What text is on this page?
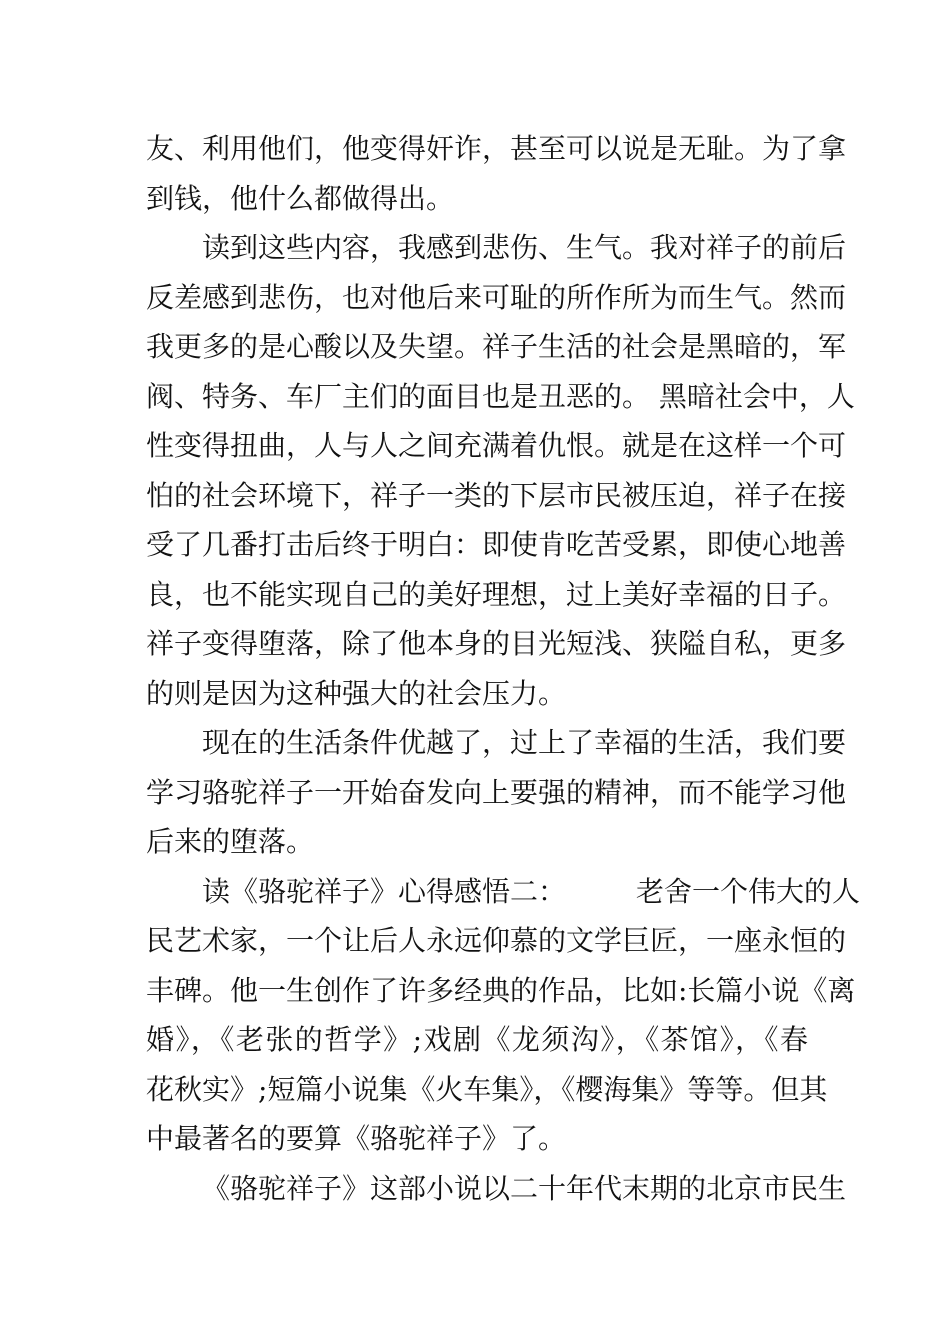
友、利用他们，他变得奸诈，甚至可以说是无耻。为了拿
到钱，他什么都做得出。
读到这些内容，我感到悲伤、生气。我对祥子的前后
反差感到悲伤，也对他后来可耻的所作所为而生气。然而
我更多的是心酸以及失望。祥子生活的社会是黑暗的，军
阀、特务、车厂主们的面目也是丑恶的。 黑暗社会中，人
性变得扭曲，人与人之间充满着仇恨。就是在这样一个可
怕的社会环境下，祥子一类的下层市民被压迫，祥子在接
受了几番打击后终于明白：即使肯吃苦受累，即使心地善
良，也不能实现自己的美好理想，过上美好幸福的日子。
祥子变得堕落，除了他本身的目光短浅、狭隘自私，更多
的则是因为这种强大的社会压力。
现在的生活条件优越了，过上了幸福的生活，我们要
学习骆驼祥子一开始奋发向上要强的精神，而不能学习他
后来的堕落。
读《骆驼祥子》心得感悟二：　　　老舍一个伟大的人
民艺术家，一个让后人永远仰慕的文学巨匠，一座永恒的
丰碑。他一生创作了许多经典的作品，比如:长篇小说《离
婚》，《老张的哲学》;戏剧《龙须沟》，《茶馆》，《春
花秋实》;短篇小说集《火车集》，《樱海集》等等。但其
中最著名的要算《骆驼祥子》了。
《骆驼祥子》这部小说以二十年代末期的北京市民生
